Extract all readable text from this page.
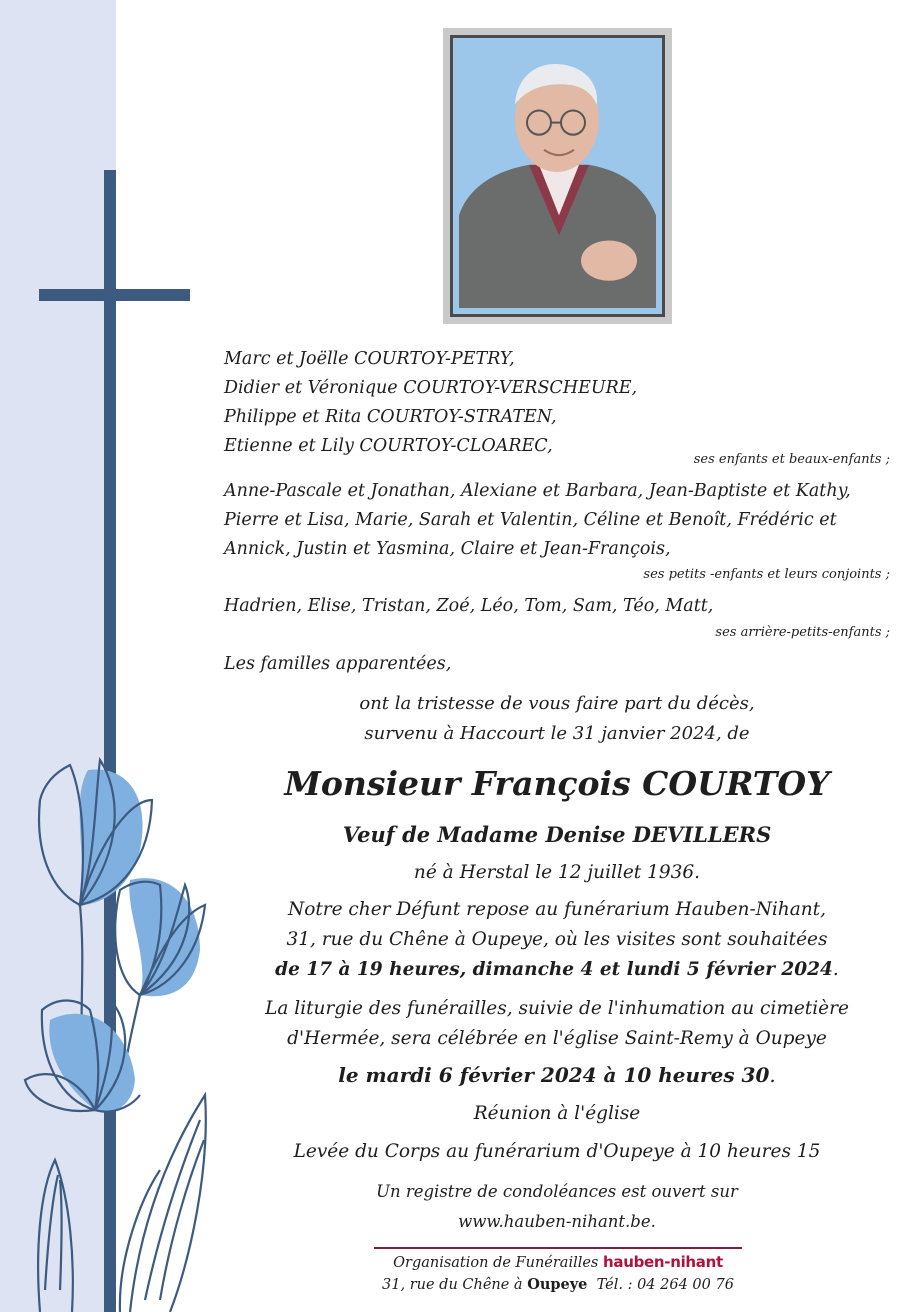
Marc et Joëlle COURTOY-PETRY,
Didier et Véronique COURTOY-VERSCHEURE,
Philippe et Rita COURTOY-STRATEN,
Etienne et Lily COURTOY-CLOAREC,
ses enfants et beaux-enfants ;
Anne-Pascale et Jonathan, Alexiane et Barbara, Jean-Baptiste et Kathy,
Pierre et Lisa, Marie, Sarah et Valentin, Céline et Benoît, Frédéric et
Annick, Justin et Yasmina, Claire et Jean-François,
ses petits -enfants et leurs conjoints ;
Hadrien, Elise, Tristan, Zoé, Léo, Tom, Sam, Téo, Matt,
ses arrière-petits-enfants ;
Les familles apparentées,
ont la tristesse de vous faire part du décès,
survenu à Haccourt le 31 janvier 2024, de
Monsieur François COURTOY
Veuf de Madame Denise DEVILLERS
né à Herstal le 12 juillet 1936.
Notre cher Défunt repose au funérarium Hauben-Nihant,
31, rue du Chêne à Oupeye, où les visites sont souhaitées
de 17 à 19 heures, dimanche 4 et lundi 5 février 2024.
La liturgie des funérailles, suivie de l'inhumation au cimetière
d'Hermée, sera célébrée en l'église Saint-Remy à Oupeye
le mardi 6 février 2024 à 10 heures 30.
Réunion à l'église
Levée du Corps au funérarium d'Oupeye à 10 heures 15
Un registre de condoléances est ouvert sur
www.hauben-nihant.be.
Organisation de Funérailles hauben-nihant
31, rue du Chêne à Oupeye Tél. : 04 264 00 76
